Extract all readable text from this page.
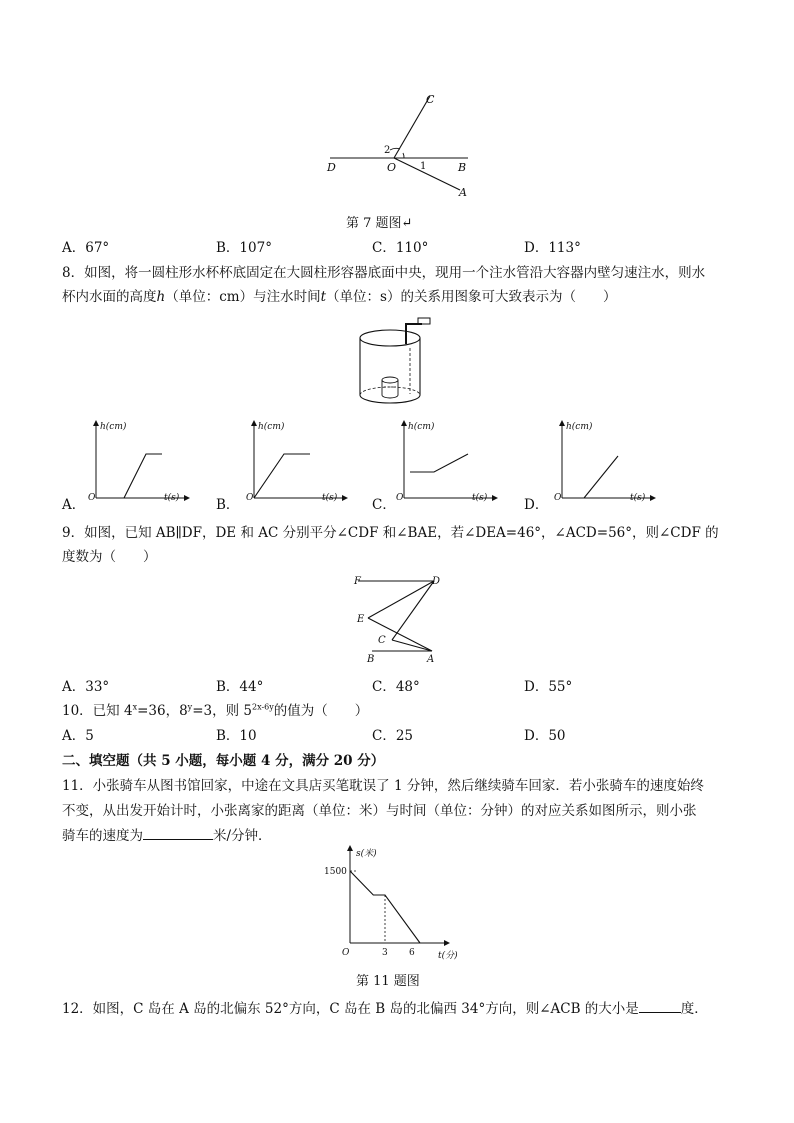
C
D	O	B
A
1
2
第 7 题图↵
A．67°	B．107°	C．110°	D．113°
8．如图，将一圆柱形水杯杯底固定在大圆柱形容器底面中央，现用一个注水管沿大容器内壁匀速注水，则水
杯内水面的高度h（单位：cm）与注水时间t（单位：s）的关系用图象可大致表示为（　　）
h(cm)
t(s)
O
h(cm)
t(s)
O
h(cm)
t(s)
O
h(cm)
t(s)
O
A．	B．	C．	D．
9．如图，已知 AB∥DF，DE 和 AC 分别平分∠CDF 和∠BAE，若∠DEA=46°，∠ACD=56°，则∠CDF 的
度数为（　　）
F	D
E
C
B	A
A．33°	B．44°	C．48°	D．55°
10．已知 $4^x=36$，$8^y=3$，则 $5^{2x-6y}$的值为（　　）
A．5	B．10	C．25	D．50
二、填空题（共 5 小题，每小题 4 分，满分 20 分）
11．小张骑车从图书馆回家，中途在文具店买笔耽误了 1 分钟，然后继续骑车回家．若小张骑车的速度始终
不变，从出发开始计时，小张离家的距离（单位：米）与时间（单位：分钟）的对应关系如图所示，则小张
骑车的速度为	米/分钟．
s(米)
t(分)
O
1500
3 6
第 11 题图
12．如图，C 岛在 A 岛的北偏东 52°方向，C 岛在 B 岛的北偏西 34°方向，则∠ACB 的大小是	度．
